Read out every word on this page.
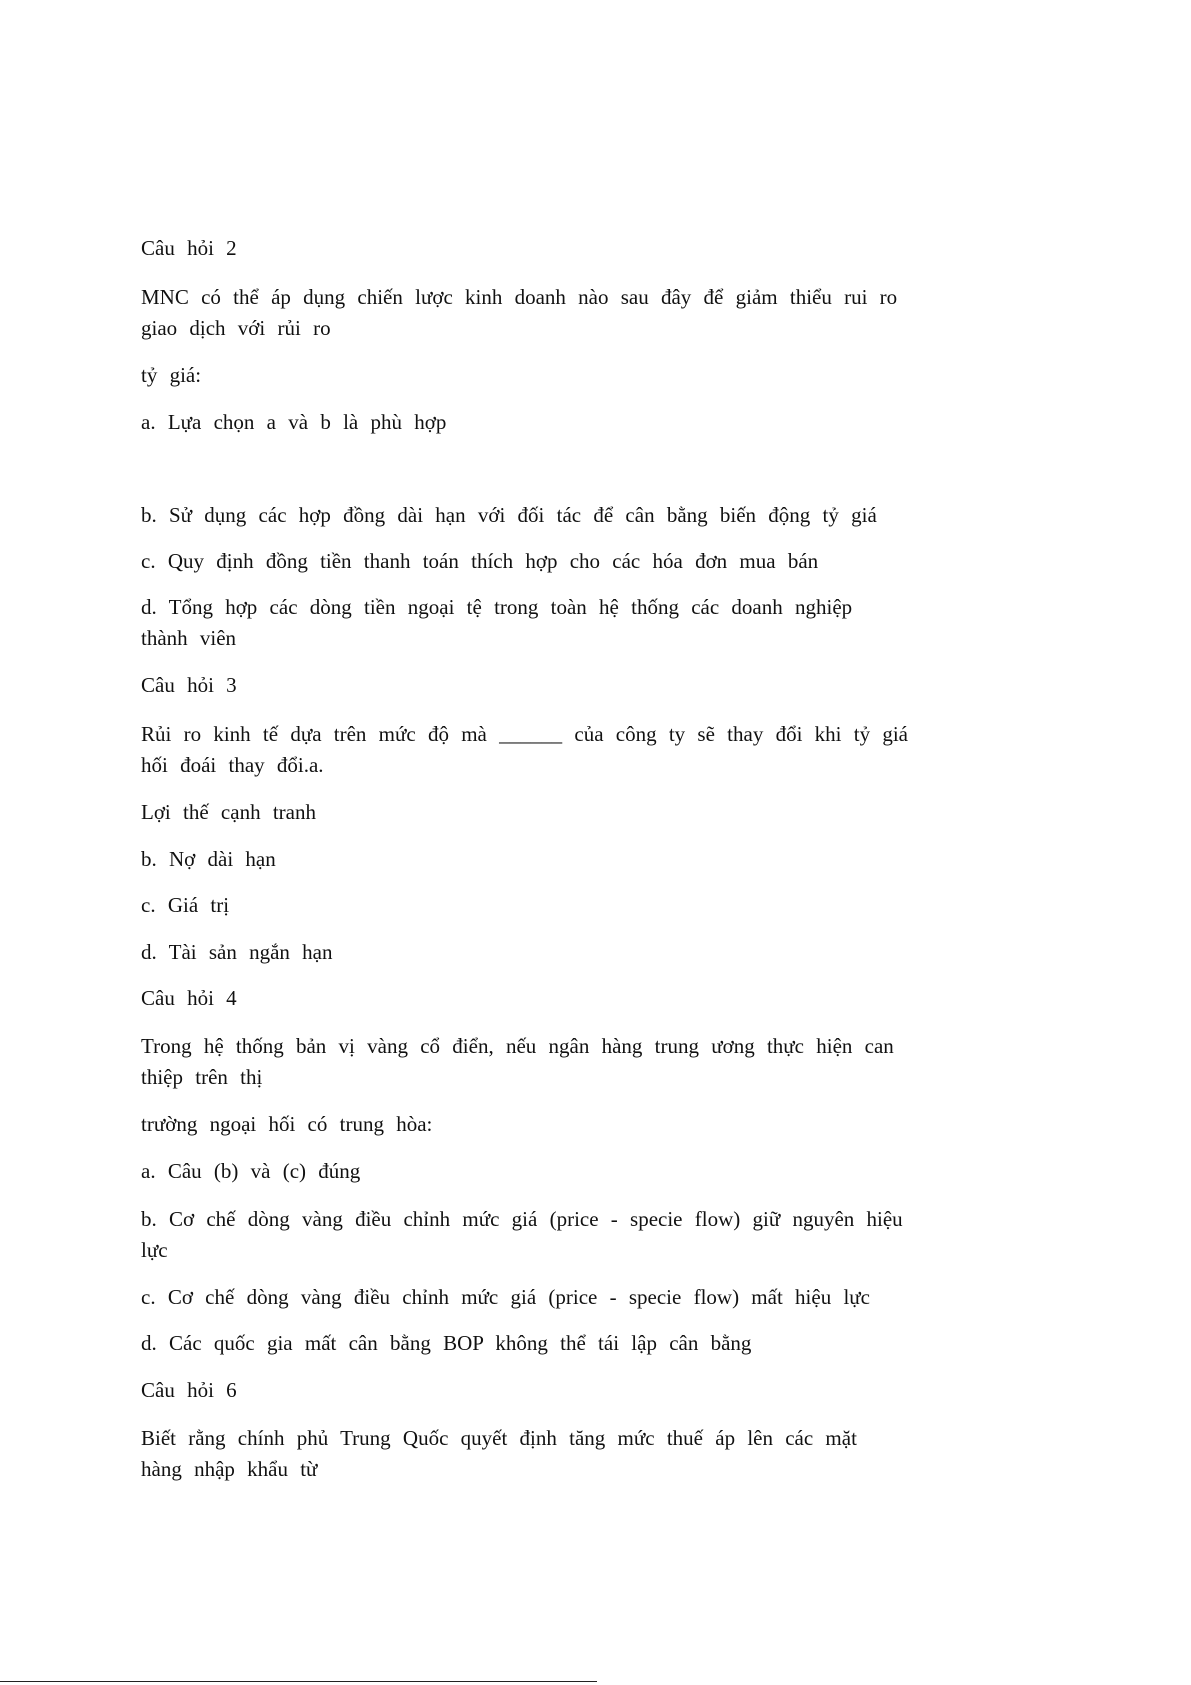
Câu hỏi 2

MNC có thể áp dụng chiến lược kinh doanh nào sau đây để giảm thiểu rui ro

giao dịch với rủi ro

tỷ giá:

a. Lựa chọn a và b là phù hợp

b. Sử dụng các hợp đồng dài hạn với đối tác để cân bằng biến động tỷ giá

c. Quy định đồng tiền thanh toán thích hợp cho các hóa đơn mua bán

d. Tổng hợp các dòng tiền ngoại tệ trong toàn hệ thống các doanh nghiệp

thành viên

Câu hỏi 3

Rủi ro kinh tế dựa trên mức độ mà ______ của công ty sẽ thay đổi khi tỷ giá

hối đoái thay đổi.a.

Lợi thế cạnh tranh

b. Nợ dài hạn

c. Giá trị

d. Tài sản ngắn hạn

Câu hỏi 4

Trong hệ thống bản vị vàng cổ điển, nếu ngân hàng trung ương thực hiện can

thiệp trên thị

trường ngoại hối có trung hòa:

a. Câu (b) và (c) đúng

b. Cơ chế dòng vàng điều chỉnh mức giá (price - specie flow) giữ nguyên hiệu

lực

c. Cơ chế dòng vàng điều chỉnh mức giá (price - specie flow) mất hiệu lực

d. Các quốc gia mất cân bằng BOP không thể tái lập cân bằng

Câu hỏi 6

Biết rằng chính phủ Trung Quốc quyết định tăng mức thuế áp lên các mặt

hàng nhập khẩu từ
